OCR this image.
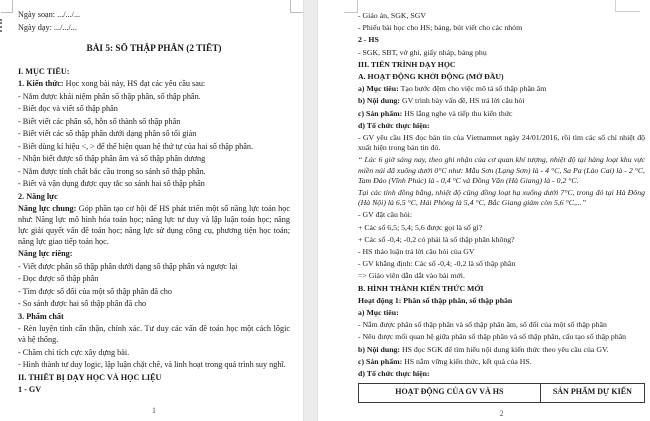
Ngày soạn: .../.../...

Ngày dạy: .../.../...

BÀI 5: SỐ THẬP PHÂN (2 TIẾT)

I. MỤC TIÊU:

1. Kiến thức: Học xong bài này, HS đạt các yêu cầu sau:

- Nắm được khái niệm phân số thập phân, số thập phân.

- Biết đọc và viết số thập phân

- Biết viết các phân số, hỗn số thành số thập phân

- Biết viết các số thập phân dưới dạng phân số tối giản

- Biết dùng kí hiệu <, > để thể hiện quan hệ thứ tự của hai số thập phân.

- Nhận biết được số thập phân âm và số thập phân dương

- Nắm được tính chất bắc cầu trong so sánh số thập phân.

- Biết và vận dụng được quy tắc so sánh hai số thập phân

2. Năng lực

Năng lực chung: Góp phần tạo cơ hội để HS phát triển một số năng lực toán học như: Năng lực mô hình hóa toán học; năng lực tư duy và lập luận toán học; năng lực giải quyết vấn đề toán học; năng lực sử dụng công cụ, phương tiện học toán; năng lực giao tiếp toán học.

Năng lực riêng:

- Viết được phân số thập phân dưới dạng số thập phân và ngược lại

- Đọc được số thập phân

- Tìm được số đối của một số thập phân đã cho

- So sánh được hai số thập phân đã cho

3. Phẩm chất

- Rèn luyện tính cẩn thận, chính xác. Tư duy các vấn đề toán học một cách lôgic và hệ thống.

- Chăm chỉ tích cực xây dựng bài.

- Hình thành tư duy logic, lập luận chặt chẽ, và linh hoạt trong quá trình suy nghĩ.

II. THIẾT BỊ DẠY HỌC VÀ HỌC LIỆU

1 - GV

1

- Giáo án, SGK, SGV

- Phiếu bài học cho HS; bảng, bút viết cho các nhóm

2 - HS

- SGK, SBT, vở ghi, giấy nháp, bảng phụ

III. TIẾN TRÌNH DẠY HỌC

A. HOẠT ĐỘNG KHỞI ĐỘNG (MỞ ĐẦU)

a) Mục tiêu: Tạo bước đệm cho việc mô tả số thập phân âm

b) Nội dung: GV trình bày vấn đề, HS trả lời câu hỏi

c) Sản phẩm: HS lắng nghe và tiếp thu kiến thức

d) Tổ chức thực hiện:

- GV yêu cầu HS đọc bản tin của Vietnamnet ngày 24/01/2016, rồi tìm các số chỉ nhiệt độ xuất hiện trong bản tin đó.

“ Lúc 6 giờ sáng nay, theo ghi nhận của cơ quan khí tượng, nhiệt độ tại hàng loạt khu vực miền núi đã xuống dưới 0°C như: Mẫu Sơn (Lạng Sơn) là - 4 °C, Sa Pa (Lào Cai) là - 2 °C, Tam Đảo (Vĩnh Phúc) là - 0,4 °C và Đồng Văn (Hà Giang) là - 0,2 °C.

Tại các tỉnh đồng bằng, nhiệt độ cũng đồng loạt hạ xuống dưới 7°C, trong đó tại Hà Đông (Hà Nội) là 6,5 °C, Hải Phòng là 5,4 °C, Bắc Giang giảm còn 5,6 °C,...”

- GV đặt câu hỏi:

+ Các số 6,5; 5,4; 5,6 được gọi là số gì?

+ Các số -0,4; -0,2 có phải là số thập phân không?

- HS thảo luận trả lời câu hỏi của GV

- GV khẳng định: Các số -0,4; -0,2 là số thập phân

=> Giáo viên dẫn dắt vào bài mới.

B. HÌNH THÀNH KIẾN THỨC MỚI

Hoạt động 1: Phân số thập phân, số thập phân

a) Mục tiêu:

- Nắm được phân số thập phân và số thập phân âm, số đối của một số thập phân

- Nêu được mối quan hệ giữa phân số thập phân và số thập phân, cấu tạo số thập phân

b) Nội dung: HS đọc SGK để tìm hiểu nội dung kiến thức theo yêu cầu của GV.

c) Sản phẩm: HS nắm vững kiến thức, kết quả của HS.

d) Tổ chức thực hiện:

HOẠT ĐỘNG CỦA GV VÀ HS	SẢN PHẨM DỰ KIẾN
2
